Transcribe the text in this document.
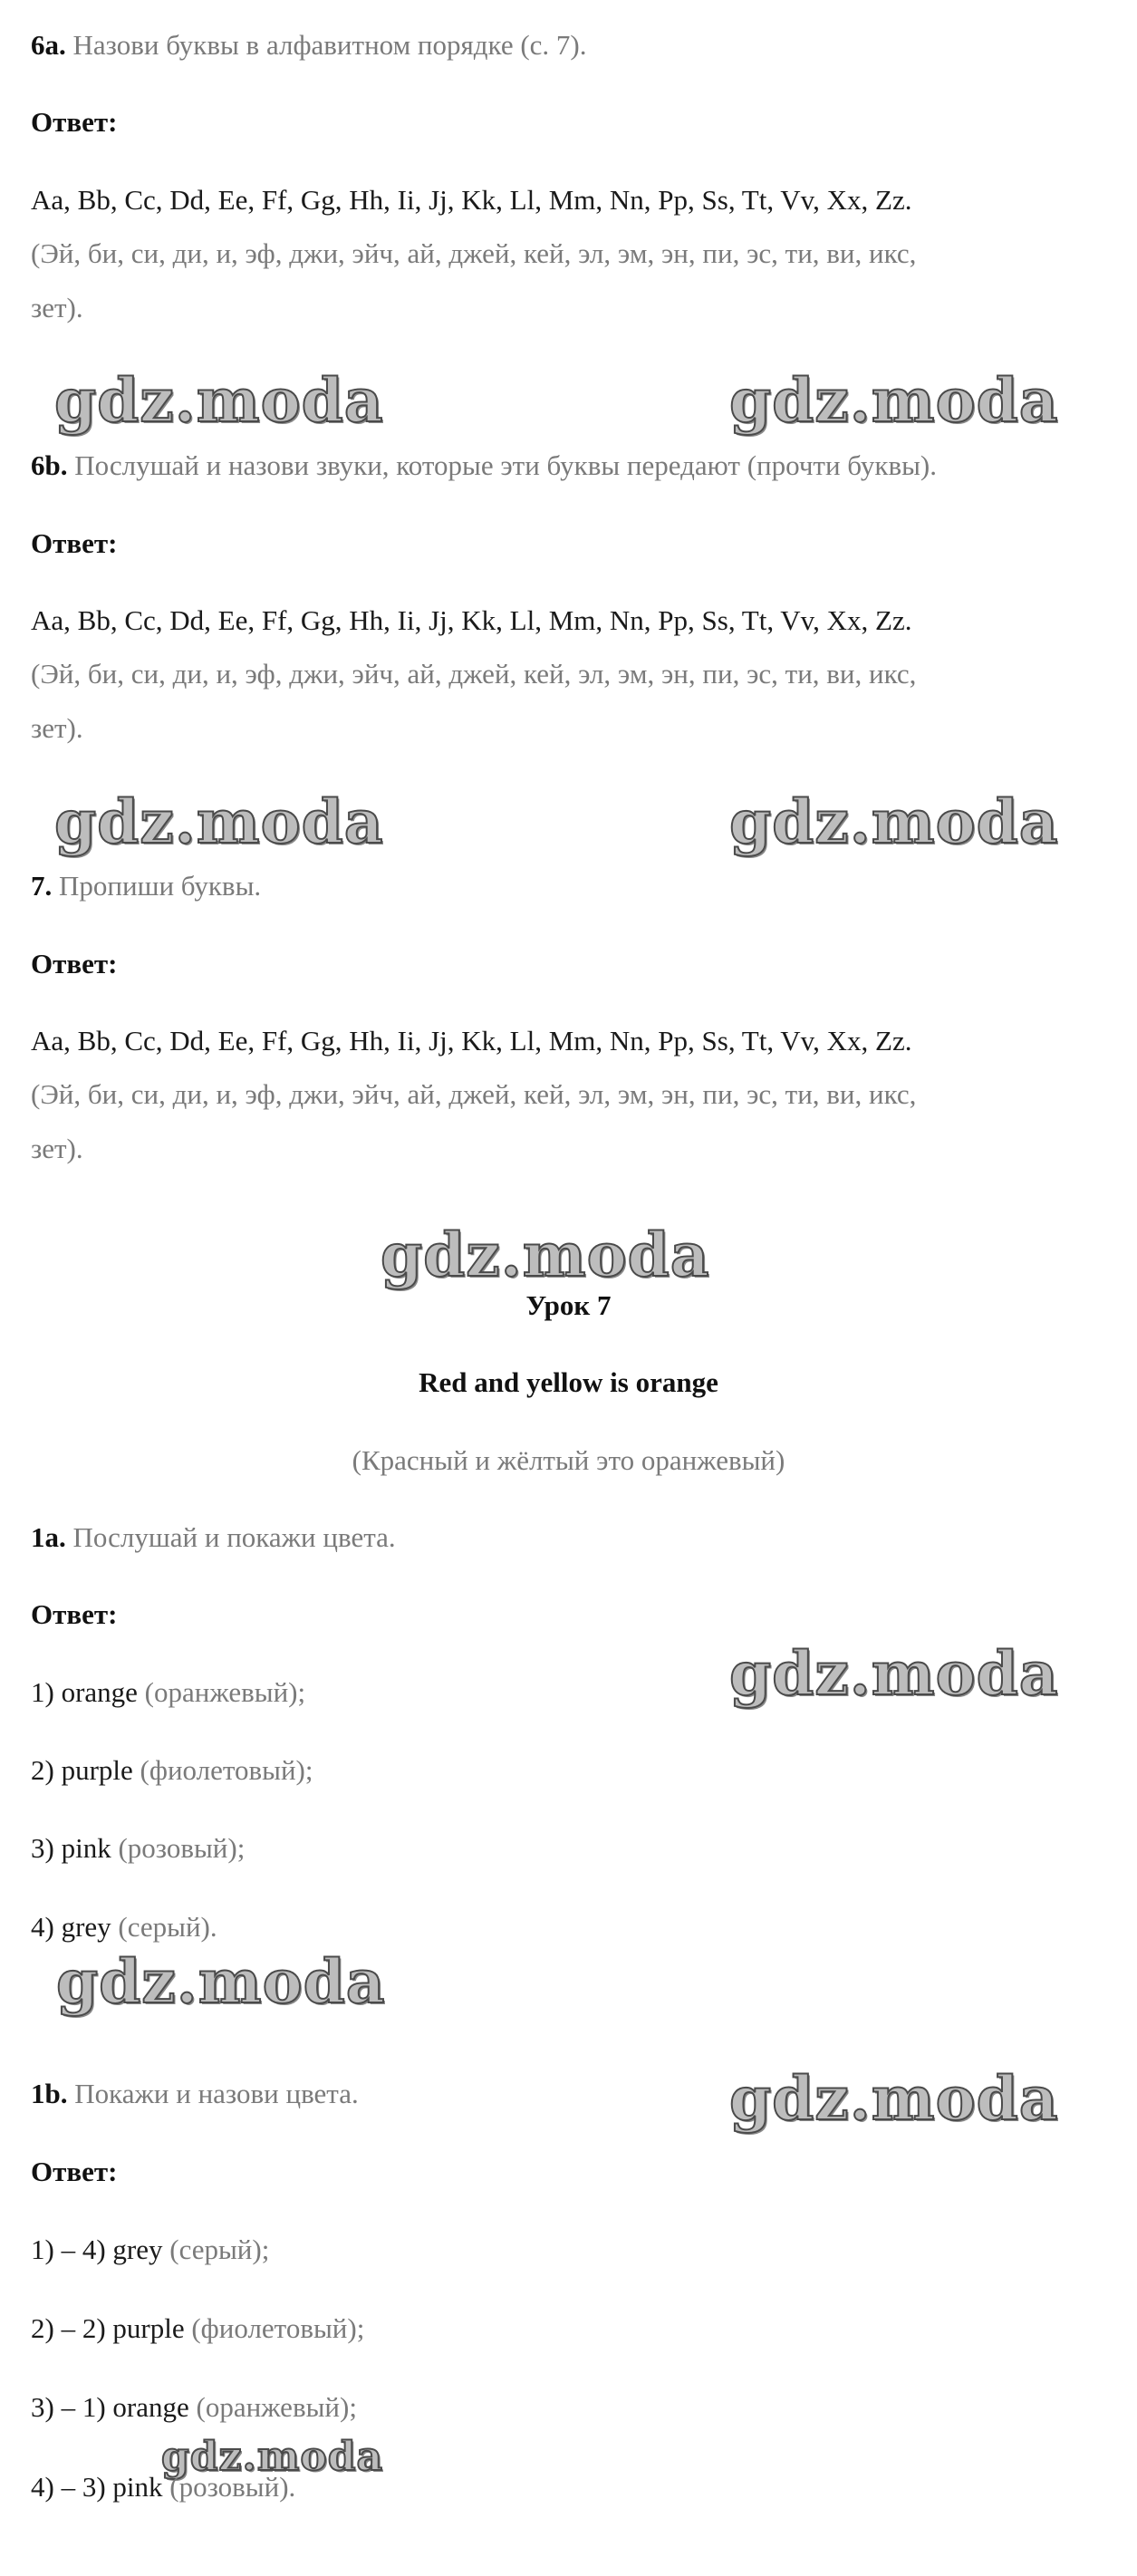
6a. Назови буквы в алфавитном порядке (с. 7).

Ответ:

Aa, Bb, Cc, Dd, Ee, Ff, Gg, Hh, Ii, Jj, Kk, Ll, Mm, Nn, Pp, Ss, Tt, Vv, Xx, Zz.

(Эй, би, си, ди, и, эф, джи, эйч, ай, джей, кей, эл, эм, эн, пи, эс, ти, ви, икс,

зет).

gdz.moda	gdz.moda

6b. Послушай и назови звуки, которые эти буквы передают (прочти буквы).

Ответ:

Aa, Bb, Cc, Dd, Ee, Ff, Gg, Hh, Ii, Jj, Kk, Ll, Mm, Nn, Pp, Ss, Tt, Vv, Xx, Zz.

(Эй, би, си, ди, и, эф, джи, эйч, ай, джей, кей, эл, эм, эн, пи, эс, ти, ви, икс,

зет).

gdz.moda	gdz.moda

7. Пропиши буквы.

Ответ:

Aa, Bb, Cc, Dd, Ee, Ff, Gg, Hh, Ii, Jj, Kk, Ll, Mm, Nn, Pp, Ss, Tt, Vv, Xx, Zz.

(Эй, би, си, ди, и, эф, джи, эйч, ай, джей, кей, эл, эм, эн, пи, эс, ти, ви, икс,

зет).

gdz.moda

Урок 7

Red and yellow is orange

(Красный и жёлтый это оранжевый)

1a. Послушай и покажи цвета.

Ответ:

1) orange (оранжевый);	gdz.moda

2) purple (фиолетовый);

3) pink (розовый);

4) grey (серый).

gdz.moda

1b. Покажи и назови цвета.	gdz.moda

Ответ:

1) – 4) grey (серый);

2) – 2) purple (фиолетовый);

3) – 1) orange (оранжевый);

gdz.moda

4) – 3) pink (розовый).
